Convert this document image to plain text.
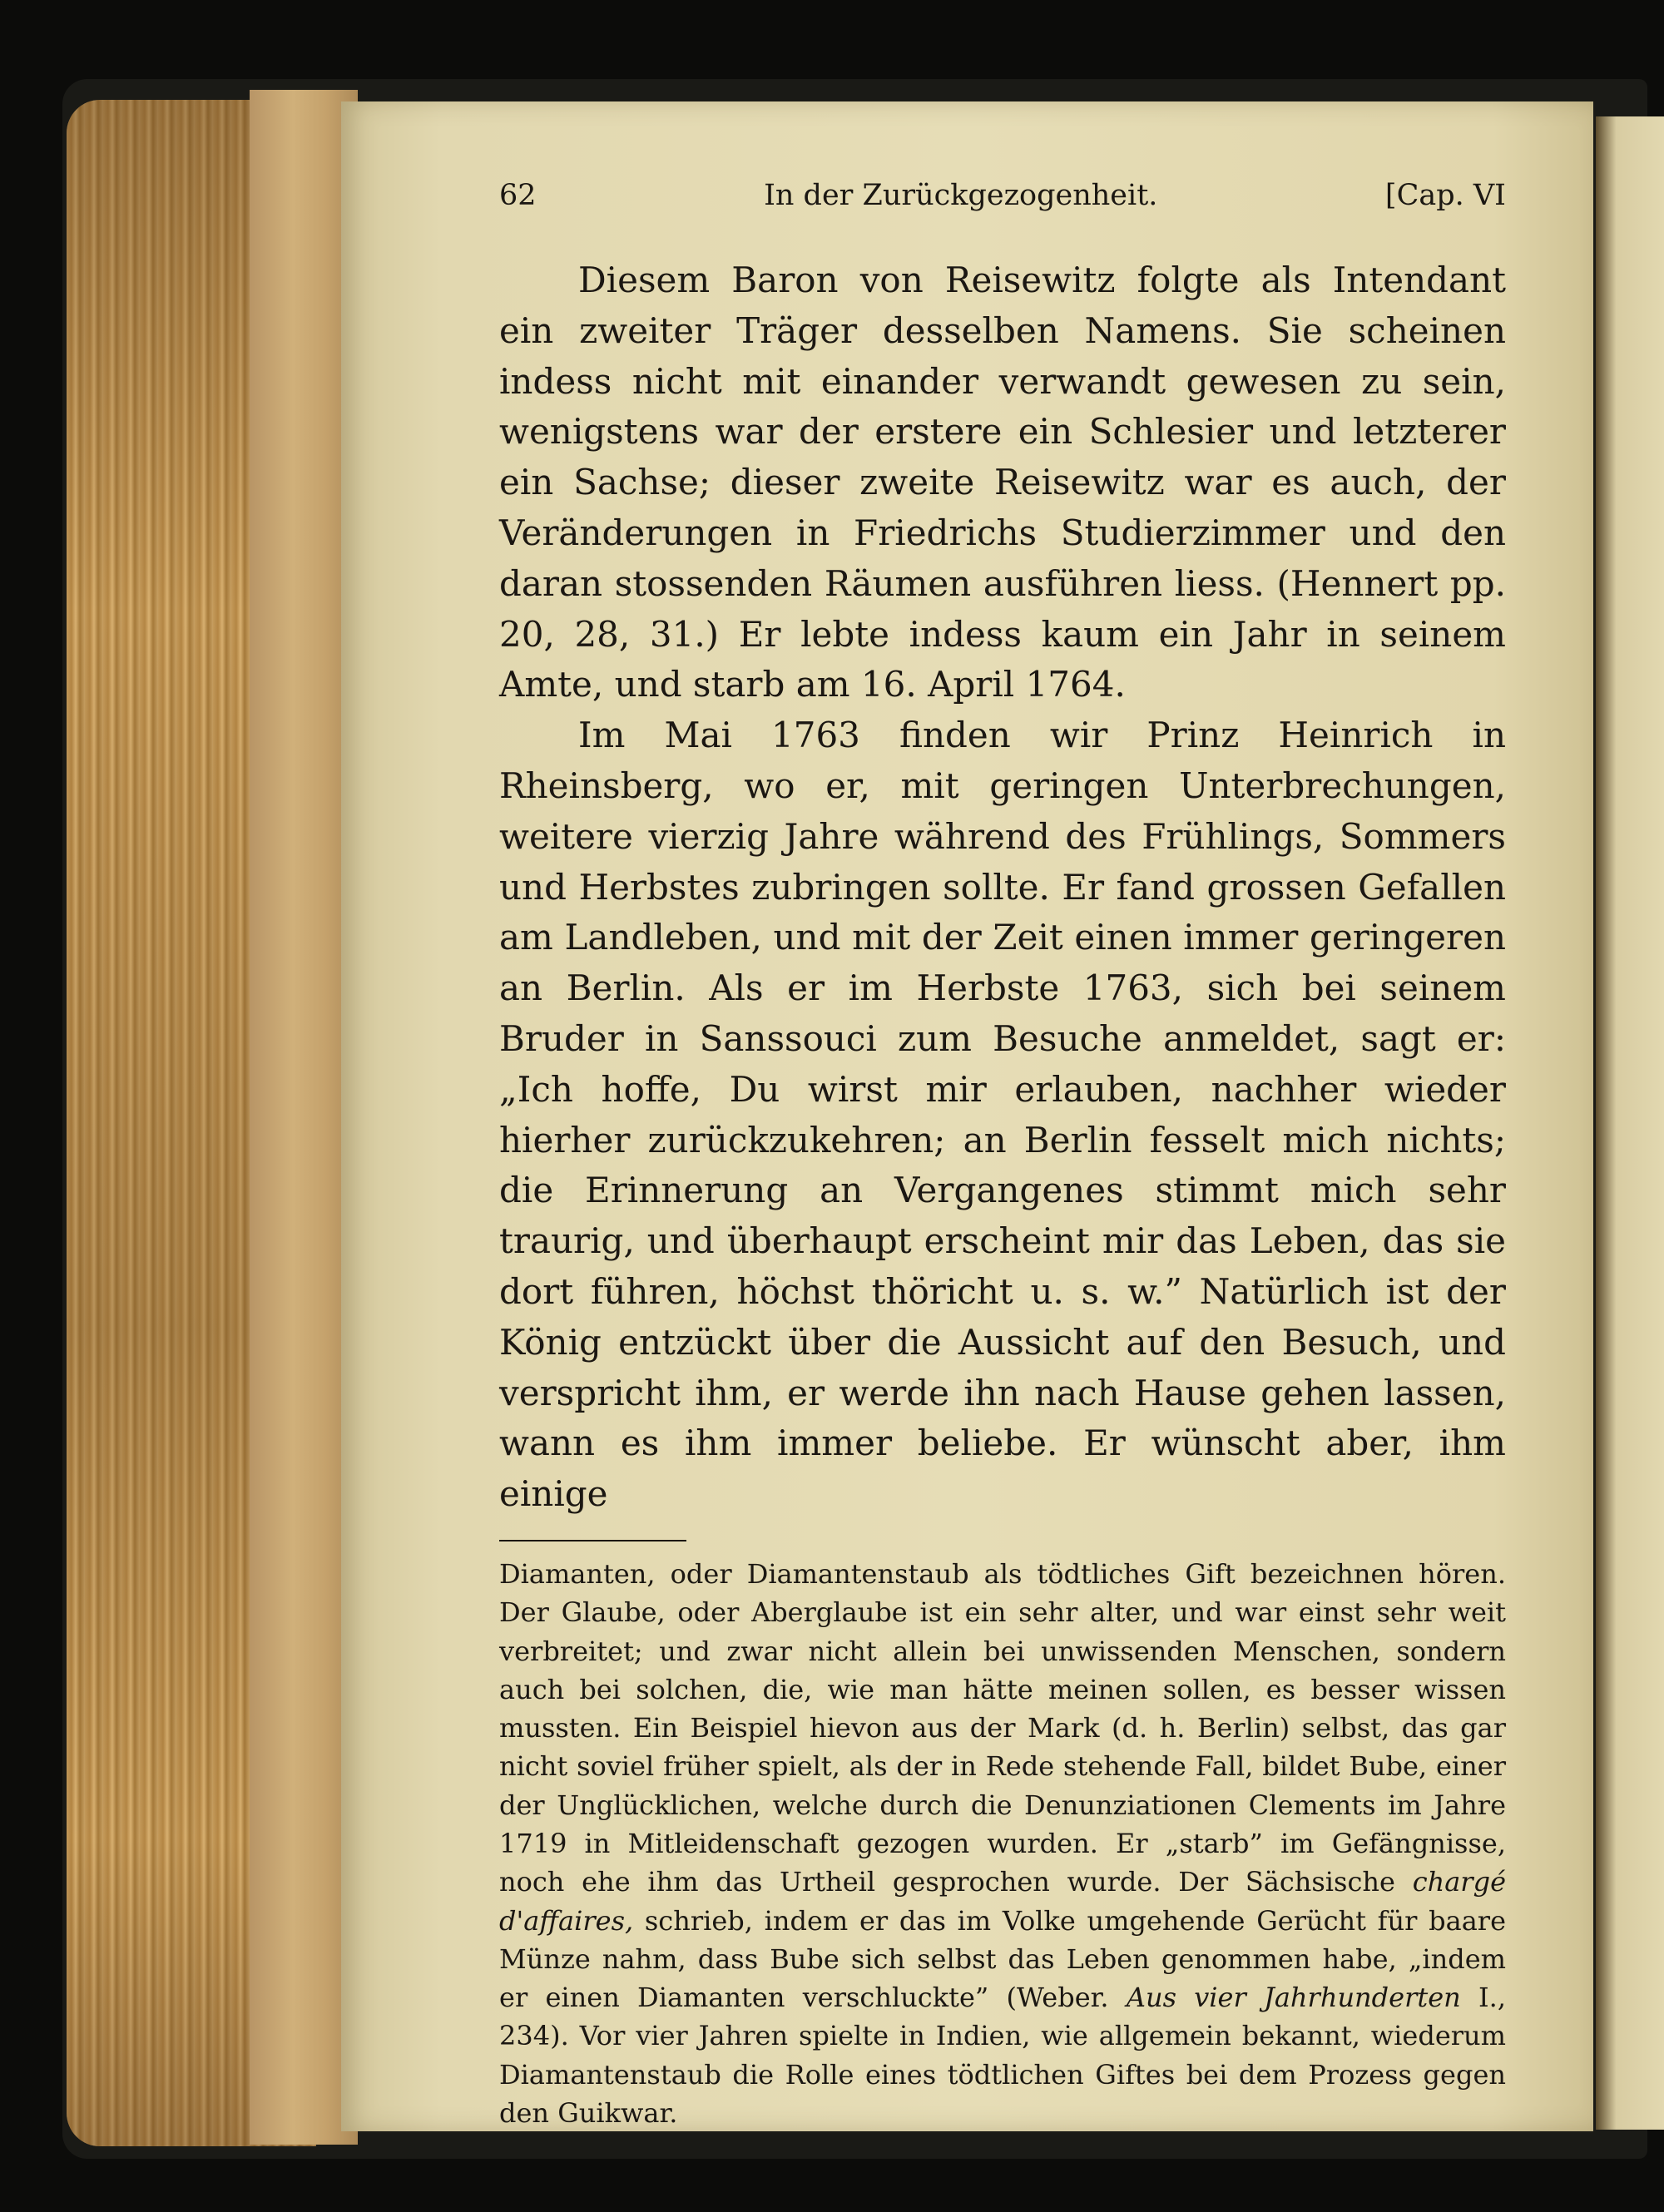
62	In der Zurückgezogenheit.	[Cap. VI

Diesem Baron von Reisewitz folgte als Intendant ein zweiter Träger desselben Namens. Sie scheinen indess nicht mit einander verwandt gewesen zu sein, wenigstens war der erstere ein Schlesier und letzterer ein Sachse; dieser zweite Reisewitz war es auch, der Veränderungen in Friedrichs Studierzimmer und den daran stossenden Räumen ausführen liess. (Hennert pp. 20, 28, 31.) Er lebte indess kaum ein Jahr in seinem Amte, und starb am 16. April 1764.

Im Mai 1763 finden wir Prinz Heinrich in Rheinsberg, wo er, mit geringen Unterbrechungen, weitere vierzig Jahre während des Frühlings, Sommers und Herbstes zubringen sollte. Er fand grossen Gefallen am Landleben, und mit der Zeit einen immer geringeren an Berlin. Als er im Herbste 1763, sich bei seinem Bruder in Sanssouci zum Besuche anmeldet, sagt er: „Ich hoffe, Du wirst mir erlauben, nachher wieder hierher zurückzukehren; an Berlin fesselt mich nichts; die Erinnerung an Vergangenes stimmt mich sehr traurig, und überhaupt erscheint mir das Leben, das sie dort führen, höchst thöricht u. s. w.” Natürlich ist der König entzückt über die Aussicht auf den Besuch, und verspricht ihm, er werde ihn nach Hause gehen lassen, wann es ihm immer beliebe. Er wünscht aber, ihm einige

Diamanten, oder Diamantenstaub als tödtliches Gift bezeichnen hören. Der Glaube, oder Aberglaube ist ein sehr alter, und war einst sehr weit verbreitet; und zwar nicht allein bei unwissenden Menschen, sondern auch bei solchen, die, wie man hätte meinen sollen, es besser wissen mussten. Ein Beispiel hievon aus der Mark (d. h. Berlin) selbst, das gar nicht soviel früher spielt, als der in Rede stehende Fall, bildet Bube, einer der Unglücklichen, welche durch die Denunziationen Clements im Jahre 1719 in Mitleidenschaft gezogen wurden. Er „starb” im Gefängnisse, noch ehe ihm das Urtheil gesprochen wurde. Der Sächsische chargé d'affaires, schrieb, indem er das im Volke umgehende Gerücht für baare Münze nahm, dass Bube sich selbst das Leben genommen habe, „indem er einen Diamanten verschluckte” (Weber. Aus vier Jahrhunderten I., 234). Vor vier Jahren spielte in Indien, wie allgemein bekannt, wiederum Diamantenstaub die Rolle eines tödtlichen Giftes bei dem Prozess gegen den Guikwar.
